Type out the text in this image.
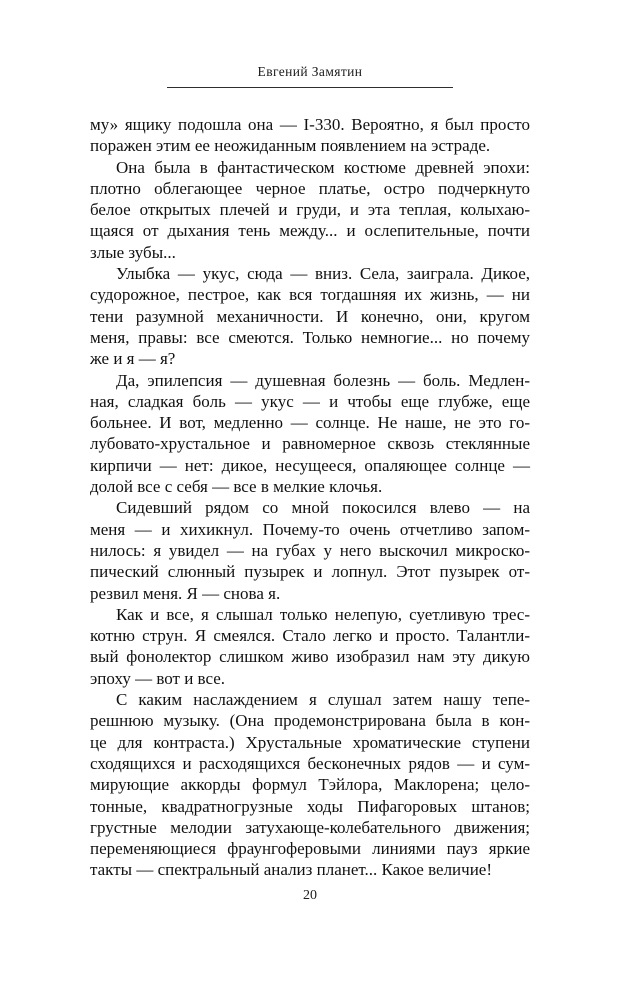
Евгений Замятин

му» ящику подошла она — I-330. Вероятно, я был просто
поражен этим ее неожиданным появлением на эстраде.

Она была в фантастическом костюме древней эпохи:
плотно облегающее черное платье, остро подчеркнуто
белое открытых плечей и груди, и эта теплая, колыхаю-
щаяся от дыхания тень между... и ослепительные, почти
злые зубы...

Улыбка — укус, сюда — вниз. Села, заиграла. Дикое,
судорожное, пестрое, как вся тогдашняя их жизнь, — ни
тени разумной механичности. И конечно, они, кругом
меня, правы: все смеются. Только немногие... но почему
же и я — я?

Да, эпилепсия — душевная болезнь — боль. Медлен-
ная, сладкая боль — укус — и чтобы еще глубже, еще
больнее. И вот, медленно — солнце. Не наше, не это го-
лубовато-хрустальное и равномерное сквозь стеклянные
кирпичи — нет: дикое, несущееся, опаляющее солнце —
долой все с себя — все в мелкие клочья.

Сидевший рядом со мной покосился влево — на
меня — и хихикнул. Почему-то очень отчетливо запом-
нилось: я увидел — на губах у него выскочил микроско-
пический слюнный пузырек и лопнул. Этот пузырек от-
резвил меня. Я — снова я.

Как и все, я слышал только нелепую, суетливую трес-
котню струн. Я смеялся. Стало легко и просто. Талантли-
вый фонолектор слишком живо изобразил нам эту дикую
эпоху — вот и все.

С каким наслаждением я слушал затем нашу тепе-
решнюю музыку. (Она продемонстрирована была в кон-
це для контраста.) Хрустальные хроматические ступени
сходящихся и расходящихся бесконечных рядов — и сум-
мирующие аккорды формул Тэйлора, Маклорена; цело-
тонные, квадратногрузные ходы Пифагоровых штанов;
грустные мелодии затухающе-колебательного движения;
переменяющиеся фраунгоферовыми линиями пауз яркие
такты — спектральный анализ планет... Какое величие!

20
